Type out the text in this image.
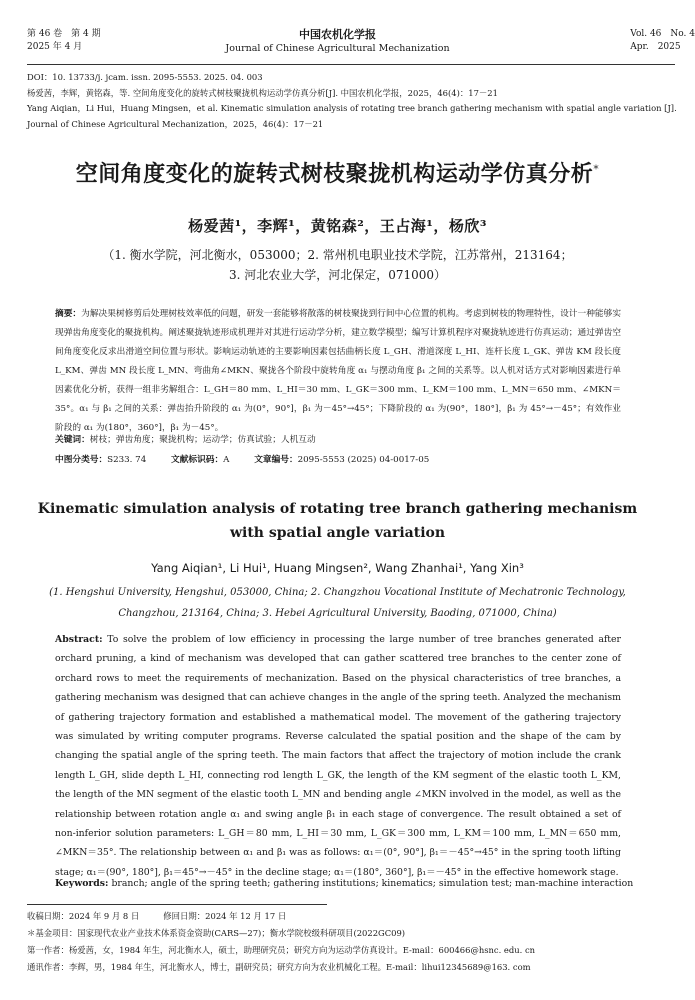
第 46 卷　第 4 期
2025 年 4 月
中国农机化学报
Journal of Chinese Agricultural Mechanization
Vol. 46　No. 4
Apr.　2025
DOI：10. 13733/j. jcam. issn. 2095-5553. 2025. 04. 003
杨爱茜，李辉，黄铭森，等. 空间角度变化的旋转式树枝聚拢机构运动学仿真分析[J]. 中国农机化学报，2025，46(4)：17－21
Yang Aiqian，Li Hui，Huang Mingsen，et al. Kinematic simulation analysis of rotating tree branch gathering mechanism with spatial angle variation [J].
Journal of Chinese Agricultural Mechanization，2025，46(4)：17－21
空间角度变化的旋转式树枝聚拢机构运动学仿真分析*
杨爱茜¹，李辉¹，黄铭森²，王占海¹，杨欣³
（1. 衡水学院，河北衡水，053000；2. 常州机电职业技术学院，江苏常州，213164；
3. 河北农业大学，河北保定，071000）
摘要：为解决果树修剪后处理树枝效率低的问题，研发一套能够将散落的树枝聚拢到行间中心位置的机构。考虑到树枝的物理特性，设计一种能够实现弹齿角度变化的聚拢机构。阐述聚拢轨迹形成机理并对其进行运动学分析，建立数学模型；编写计算机程序对聚拢轨迹进行仿真运动；通过弹齿空间角度变化反求出滑道空间位置与形状。影响运动轨迹的主要影响因素包括曲柄长度 L_GH、滑道深度 L_HI、连杆长度 L_GK、弹齿 KM 段长度 L_KM、弹齿 MN 段长度 L_MN、弯曲角∠MKN、聚拢各个阶段中旋转角度 α₁ 与摆动角度 β₁ 之间的关系等。以人机对话方式对影响因素进行单因素优化分析，获得一组非劣解组合：L_GH＝80 mm、L_HI＝30 mm、L_GK＝300 mm、L_KM＝100 mm、L_MN＝650 mm、∠MKN＝35°。α₁ 与 β₁ 之间的关系：弹齿抬升阶段的 α₁ 为(0°，90°]，β₁ 为－45°→45°；下降阶段的 α₁ 为(90°，180°]，β₁ 为 45°→－45°；有效作业阶段的 α₁ 为(180°，360°]，β₁ 为－45°。
关键词：树枝；弹齿角度；聚拢机构；运动学；仿真试验；人机互动
中图分类号：S233. 74	文献标识码：A	文章编号：2095-5553 (2025) 04-0017-05
Kinematic simulation analysis of rotating tree branch gathering mechanism
with spatial angle variation
Yang Aiqian¹, Li Hui¹, Huang Mingsen², Wang Zhanhai¹, Yang Xin³
(1. Hengshui University, Hengshui, 053000, China; 2. Changzhou Vocational Institute of Mechatronic Technology,
Changzhou, 213164, China; 3. Hebei Agricultural University, Baoding, 071000, China)
Abstract: To solve the problem of low efficiency in processing the large number of tree branches generated after orchard pruning, a kind of mechanism was developed that can gather scattered tree branches to the center zone of orchard rows to meet the requirements of mechanization. Based on the physical characteristics of tree branches, a gathering mechanism was designed that can achieve changes in the angle of the spring teeth. Analyzed the mechanism of gathering trajectory formation and established a mathematical model. The movement of the gathering trajectory was simulated by writing computer programs. Reverse calculated the spatial position and the shape of the cam by changing the spatial angle of the spring teeth. The main factors that affect the trajectory of motion include the crank length L_GH, slide depth L_HI, connecting rod length L_GK, the length of the KM segment of the elastic tooth L_KM, the length of the MN segment of the elastic tooth L_MN and bending angle ∠MKN involved in the model, as well as the relationship between rotation angle α₁ and swing angle β₁ in each stage of convergence. The result obtained a set of non-inferior solution parameters: L_GH＝80 mm, L_HI＝30 mm, L_GK＝300 mm, L_KM＝100 mm, L_MN＝650 mm, ∠MKN＝35°. The relationship between α₁ and β₁ was as follows: α₁＝(0°, 90°], β₁＝－45°→45° in the spring tooth lifting stage; α₁＝(90°, 180°], β₁＝45°→－45° in the decline stage; α₁＝(180°, 360°], β₁＝－45° in the effective homework stage.
Keywords: branch; angle of the spring teeth; gathering institutions; kinematics; simulation test; man-machine interaction
收稿日期：2024 年 9 月 8 日	修回日期：2024 年 12 月 17 日
＊基金项目：国家现代农业产业技术体系资金资助(CARS—27)；衡水学院校级科研项目(2022GC09)
第一作者：杨爱茜，女，1984 年生，河北衡水人，硕士，助理研究员；研究方向为运动学仿真设计。E-mail：600466@hsnc. edu. cn
通讯作者：李辉，男，1984 年生，河北衡水人，博士，副研究员；研究方向为农业机械化工程。E-mail：lihui12345689@163. com
